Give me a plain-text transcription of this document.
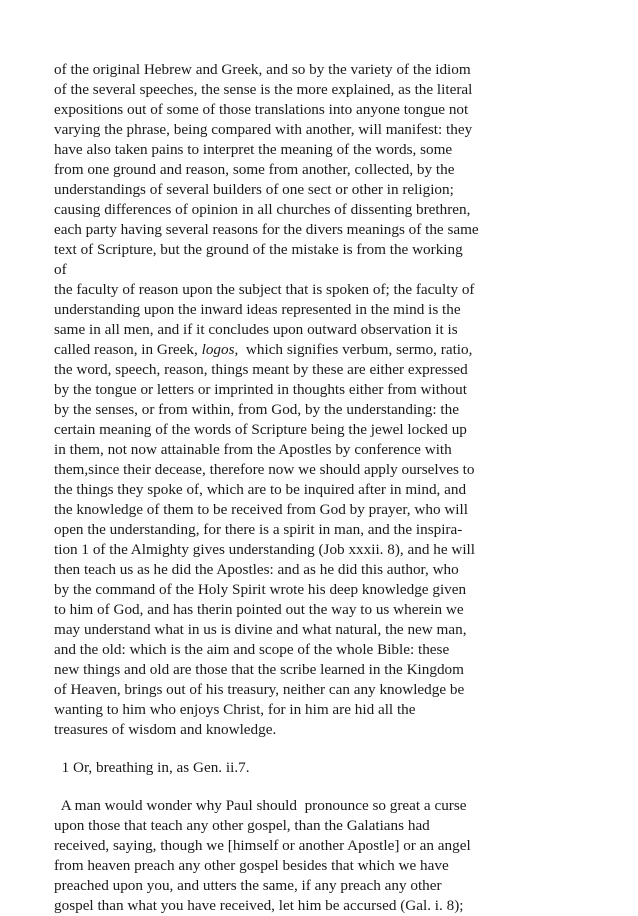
of the original Hebrew and Greek, and so by the variety of the idiom
of the several speeches, the sense is the more explained, as the literal
expositions out of some of those translations into anyone tongue not
varying the phrase, being compared with another, will manifest: they
have also taken pains to interpret the meaning of the words, some
from one ground and reason, some from another, collected, by the
understandings of several builders of one sect or other in religion;
causing differences of opinion in all churches of dissenting brethren,
each party having several reasons for the divers meanings of the same
text of Scripture, but the ground of the mistake is from the working
of
the faculty of reason upon the subject that is spoken of; the faculty of
understanding upon the inward ideas represented in the mind is the
same in all men, and if it concludes upon outward observation it is
called reason, in Greek, logos,  which signifies verbum, sermo, ratio,
the word, speech, reason, things meant by these are either expressed
by the tongue or letters or imprinted in thoughts either from without
by the senses, or from within, from God, by the understanding: the
certain meaning of the words of Scripture being the jewel locked up
in them, not now attainable from the Apostles by conference with
them,since their decease, therefore now we should apply ourselves to
the things they spoke of, which are to be inquired after in mind, and
the knowledge of them to be received from God by prayer, who will
open the understanding, for there is a spirit in man, and the inspira-
tion 1 of the Almighty gives understanding (Job xxxii. 8), and he will
then teach us as he did the Apostles: and as he did this author, who
by the command of the Holy Spirit wrote his deep knowledge given
to him of God, and has therin pointed out the way to us wherein we
may understand what in us is divine and what natural, the new man,
and the old: which is the aim and scope of the whole Bible: these
new things and old are those that the scribe learned in the Kingdom
of Heaven, brings out of his treasury, neither can any knowledge be
wanting to him who enjoys Christ, for in him are hid all the
treasures of wisdom and knowledge.
1 Or, breathing in, as Gen. ii.7.
A man would wonder why Paul should  pronounce so great a curse
upon those that teach any other gospel, than the Galatians had
received, saying, though we [himself or another Apostle] or an angel
from heaven preach any other gospel besides that which we have
preached upon you, and utters the same, if any preach any other
gospel than what you have received, let him be accursed (Gal. i. 8);
